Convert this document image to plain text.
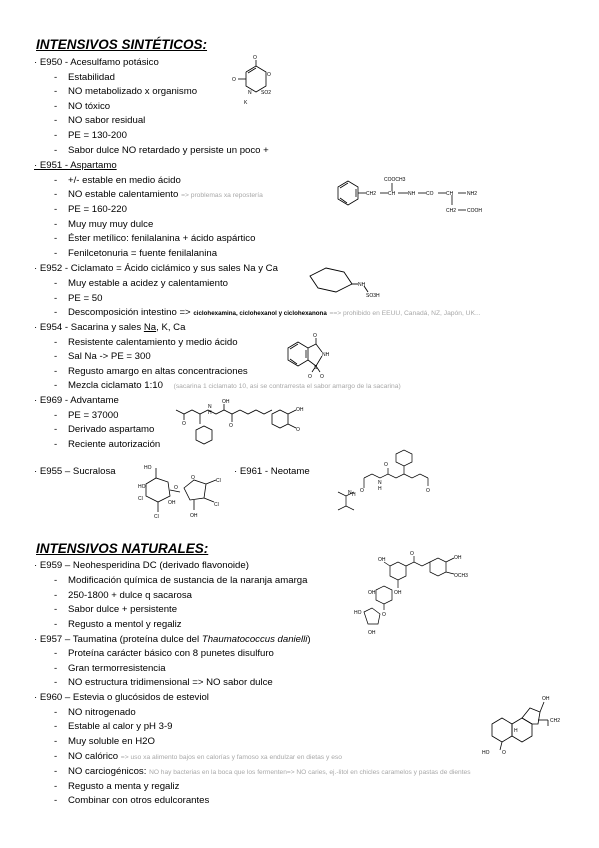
INTENSIVOS SINTÉTICOS:
· E950 - Acesulfamo potásico
- Estabilidad
- NO metabolizado x organismo
- NO tóxico
- NO sabor residual
- PE = 130-200
- Sabor dulce NO retardado y persiste un poco +
· E951 - Aspartamo
- +/- estable en medio ácido
- NO estable calentamiento => problemas xa repostería
- PE = 160-220
- Muy muy muy dulce
- Éster metílico: fenilalanina + ácido aspártico
- Fenilcetonuria = fuente fenilalanina
· E952 - Ciclamato = Ácido ciclámico y sus sales Na y Ca
- Muy estable a acidez y calentamiento
- PE = 50
- Descomposición intestino => ciclohexamina, ciclohexanol y ciclohexanona ==> prohibido en EEUU, Canadá, NZ, Japón, UK...
· E954 - Sacarina y sales Na, K, Ca
- Resistente calentamiento y medio ácido
- Sal Na -> PE = 300
- Regusto amargo en altas concentraciones
- Mezcla ciclamato 1:10 (sacarina 1 ciclamato 10, asi se contrarresta el sabor amargo de la sacarina)
· E969 - Advantame
- PE = 37000
- Derivado aspartamo
- Reciente autorización
· E955 – Sucralosa	· E961 - Neotame
INTENSIVOS NATURALES:
· E959 – Neohesperidina DC (derivado flavonoide)
- Modificación química de sustancia de la naranja amarga
- 250-1800 + dulce q sacarosa
- Sabor dulce + persistente
- Regusto a mentol y regaliz
· E957 – Taumatina (proteína dulce del Thaumatococcus danielli)
- Proteína carácter básico con 8 punetes disulfuro
- Gran termorresistencia
- NO estructura tridimensional => NO sabor dulce
· E960 – Estevia o glucósidos de esteviol
- NO nitrogenado
- Estable al calor y pH 3-9
- Muy soluble en H2O
- NO calórico => uso xa alimento bajos en calorías y famoso xa endulzar en dietas y eso
- NO carciogénicos: NO hay bacterias en la boca que los fermenten=> NO caries, ej.-litol en chicles caramelos y pastas de dientes
- Regusto a menta y regaliz
- Combinar con otros edulcorantes
O
O
O
N
K
SO2
CH2 CH
COOCH3
NH CO	CH	NH2
CH2 COOH
NH
SO3H
O
NH
S
O O
O
N
H
OH
O
OH
O
HO
HO
Cl
O
OH
Cl
O
Cl
OH
Cl
O
N
H
O	O
H
N
OH
O
OH
OCH3
OH
OH
HO	O
OH
OH
CH2
H
HO	O
